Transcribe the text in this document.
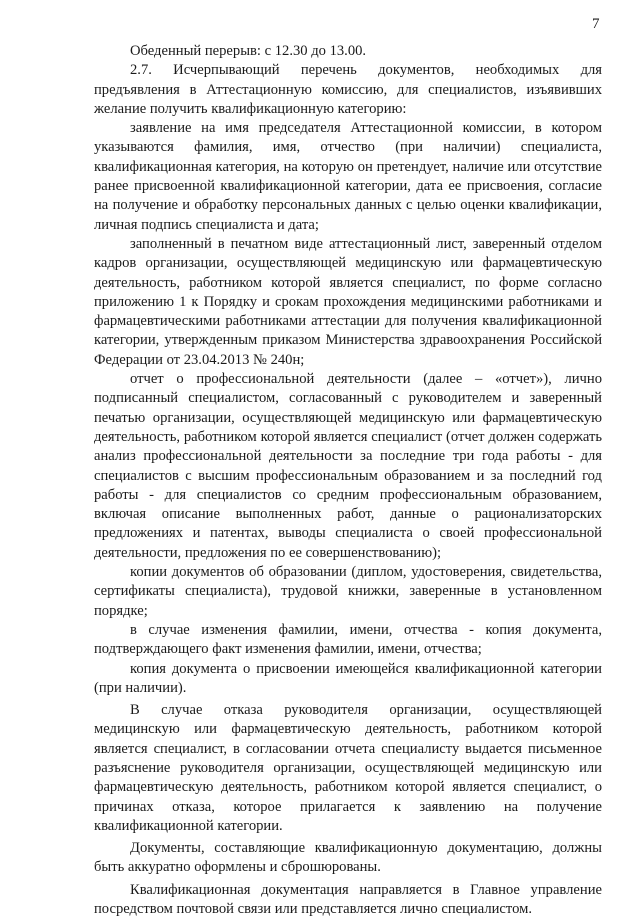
7

Обеденный перерыв: с 12.30 до 13.00.

2.7. Исчерпывающий перечень документов, необходимых для предъявления в Аттестационную комиссию, для специалистов, изъявивших желание получить квалификационную категорию:

заявление на имя председателя Аттестационной комиссии, в котором указываются фамилия, имя, отчество (при наличии) специалиста, квалификационная категория, на которую он претендует, наличие или отсутствие ранее присвоенной квалификационной категории, дата ее присвоения, согласие на получение и обработку персональных данных с целью оценки квалификации, личная подпись специалиста и дата;

заполненный в печатном виде аттестационный лист, заверенный отделом кадров организации, осуществляющей медицинскую или фармацевтическую деятельность, работником которой является специалист, по форме согласно приложению 1 к Порядку и срокам прохождения медицинскими работниками и фармацевтическими работниками аттестации для получения квалификационной категории, утвержденным приказом Министерства здравоохранения Российской Федерации от 23.04.2013 № 240н;

отчет о профессиональной деятельности (далее – «отчет»), лично подписанный специалистом, согласованный с руководителем и заверенный печатью организации, осуществляющей медицинскую или фармацевтическую деятельность, работником которой является специалист (отчет должен содержать анализ профессиональной деятельности за последние три года работы - для специалистов с высшим профессиональным образованием и за последний год работы - для специалистов со средним профессиональным образованием, включая описание выполненных работ, данные о рационализаторских предложениях и патентах, выводы специалиста о своей профессиональной деятельности, предложения по ее совершенствованию);

копии документов об образовании (диплом, удостоверения, свидетельства, сертификаты специалиста), трудовой книжки, заверенные в установленном порядке;

в случае изменения фамилии, имени, отчества - копия документа, подтверждающего факт изменения фамилии, имени, отчества;

копия документа о присвоении имеющейся квалификационной категории (при наличии).

В случае отказа руководителя организации, осуществляющей медицинскую или фармацевтическую деятельность, работником которой является специалист, в согласовании отчета специалисту выдается письменное разъяснение руководителя организации, осуществляющей медицинскую или фармацевтическую деятельность, работником которой является специалист, о причинах отказа, которое прилагается к заявлению на получение квалификационной категории.

Документы, составляющие квалификационную документацию, должны быть аккуратно оформлены и сброшюрованы.

Квалификационная документация направляется в Главное управление посредством почтовой связи или представляется лично специалистом.
